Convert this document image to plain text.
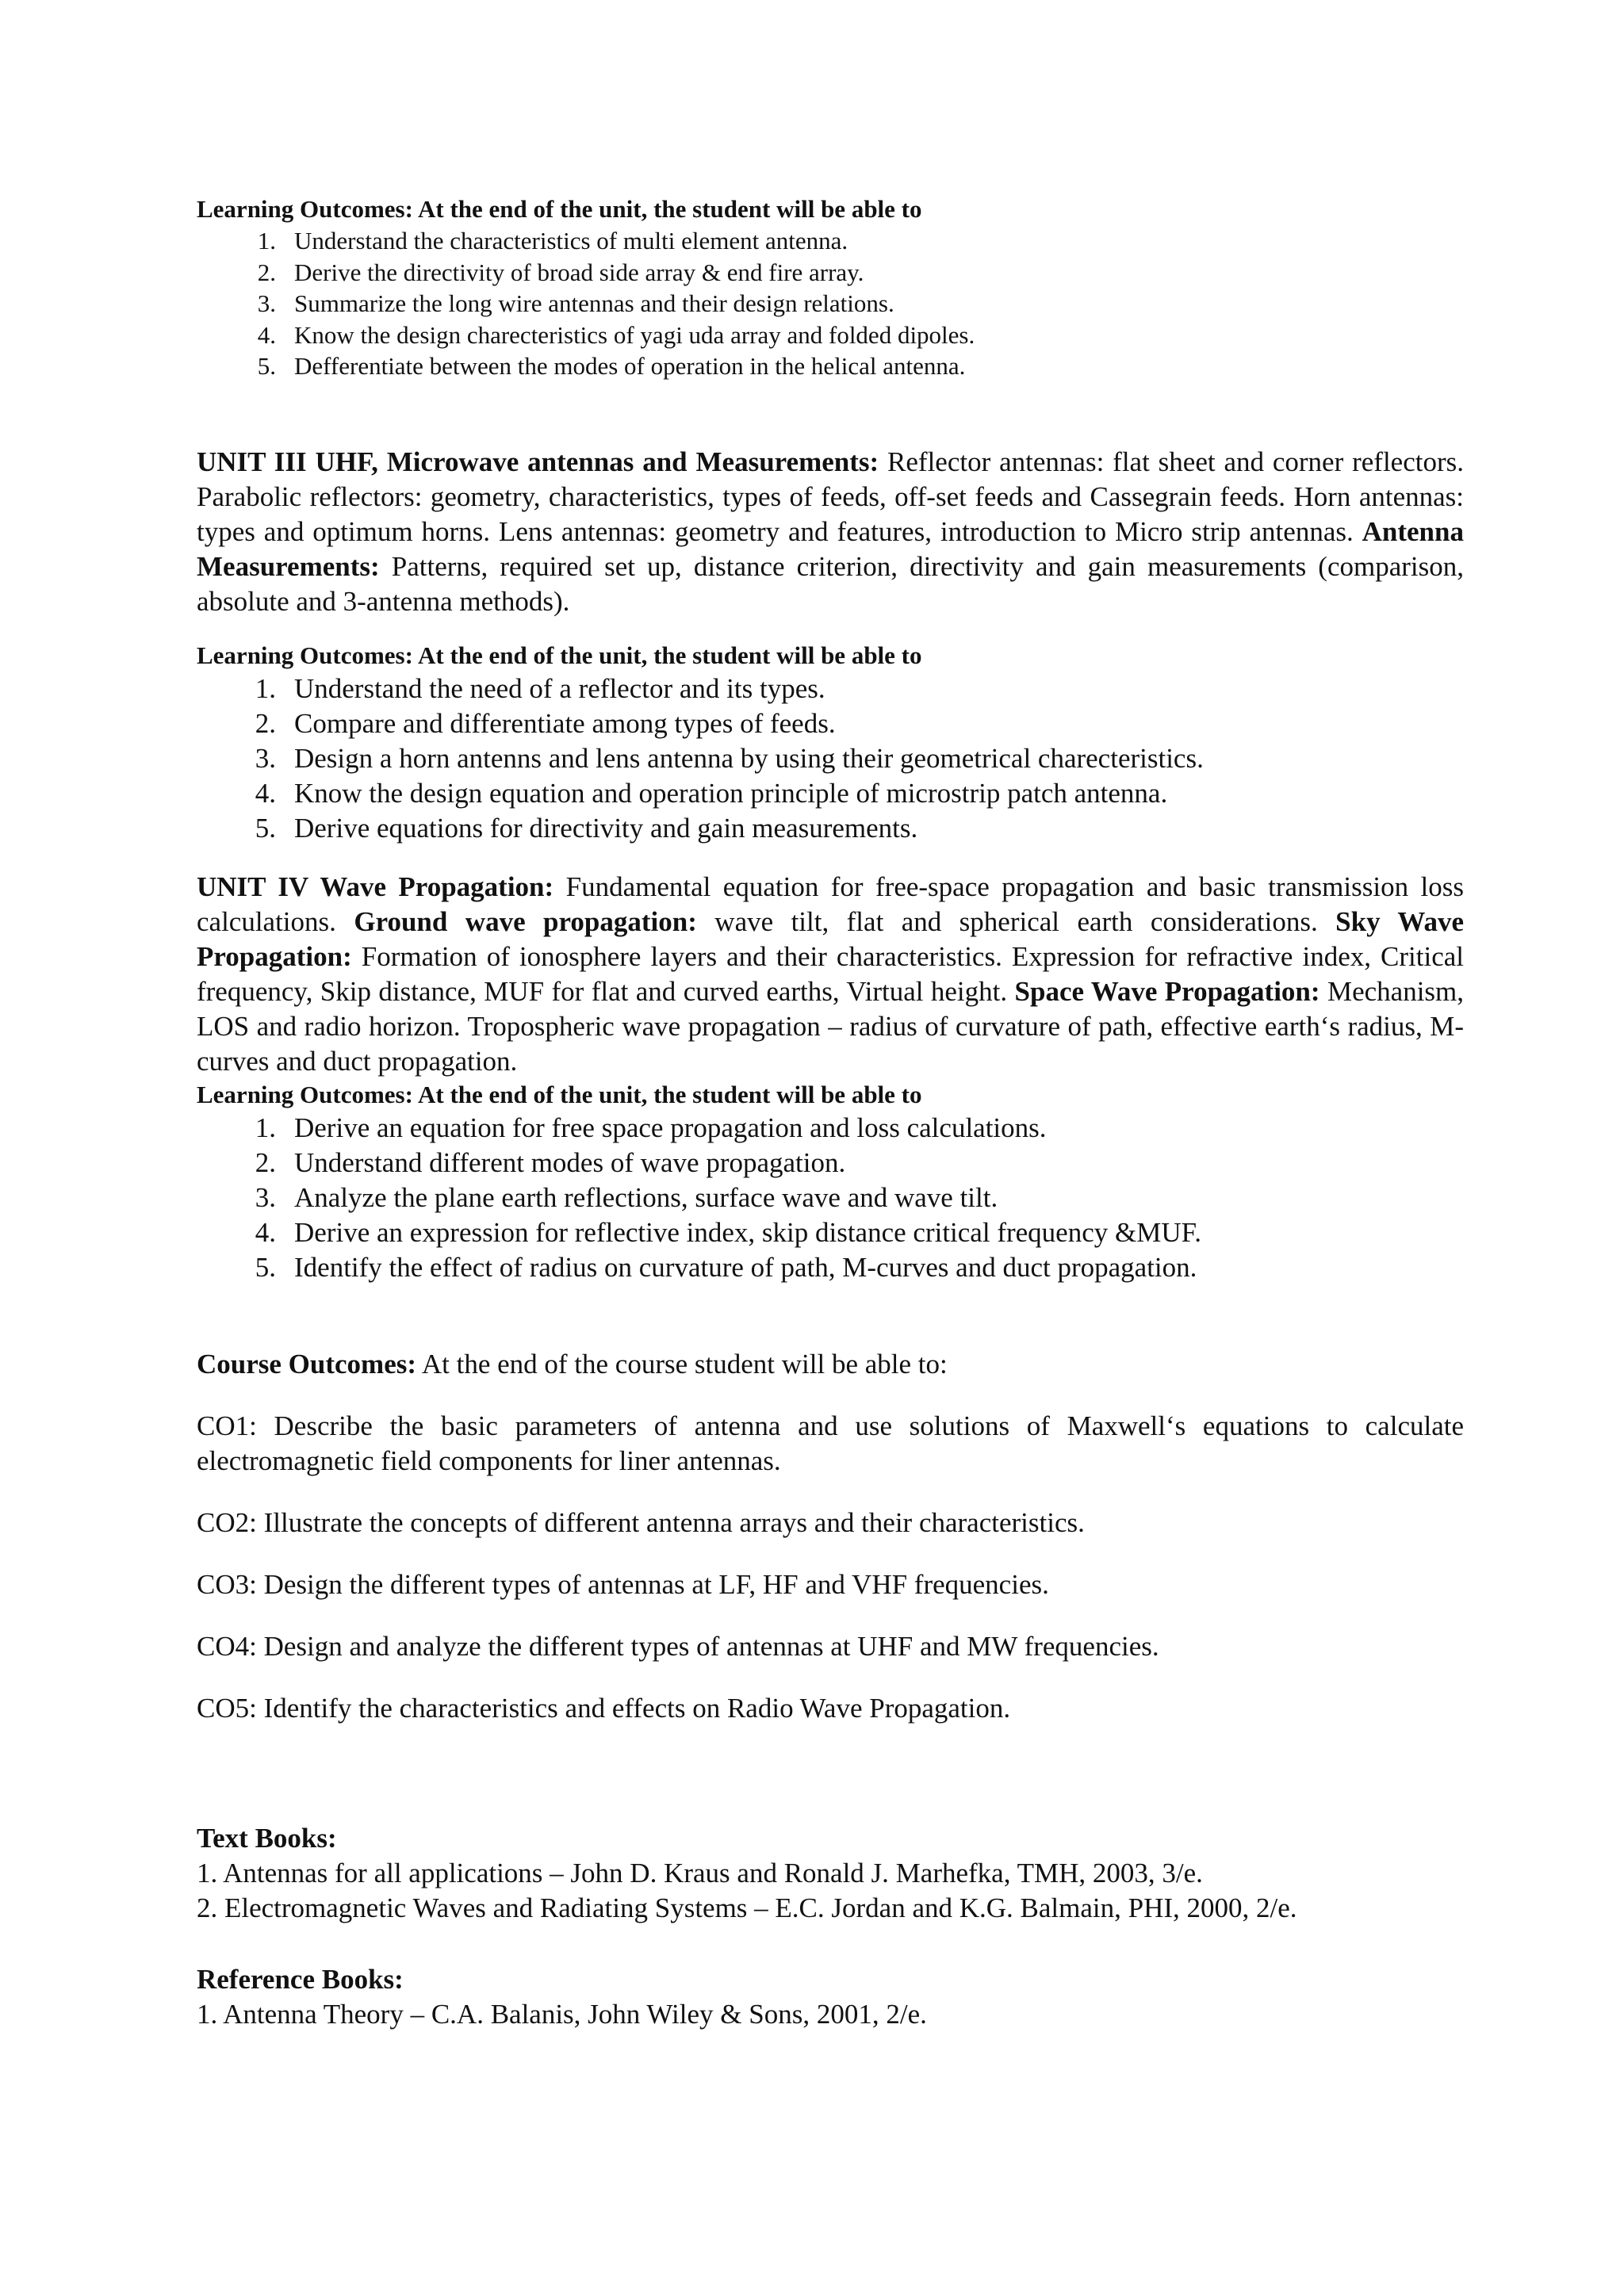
Learning Outcomes: At the end of the unit, the student will be able to

1. Understand the characteristics of multi element antenna.
2. Derive the directivity of broad side array & end fire array.
3. Summarize the long wire antennas and their design relations.
4. Know the design charecteristics of yagi uda array and folded dipoles.
5. Defferentiate between the modes of operation in the helical antenna.

UNIT III UHF, Microwave antennas and Measurements: Reflector antennas: flat sheet and corner reflectors. Parabolic reflectors: geometry, characteristics, types of feeds, off-set feeds and Cassegrain feeds. Horn antennas: types and optimum horns. Lens antennas: geometry and features, introduction to Micro strip antennas. Antenna Measurements: Patterns, required set up, distance criterion, directivity and gain measurements (comparison, absolute and 3-antenna methods).

Learning Outcomes: At the end of the unit, the student will be able to

1. Understand the need of a reflector and its types.
2. Compare and differentiate among types of feeds.
3. Design a horn antenns and lens antenna by using their geometrical charecteristics.
4. Know the design equation and operation principle of microstrip patch antenna.
5. Derive equations for directivity and gain measurements.

UNIT IV Wave Propagation: Fundamental equation for free-space propagation and basic transmission loss calculations. Ground wave propagation: wave tilt, flat and spherical earth considerations. Sky Wave Propagation: Formation of ionosphere layers and their characteristics. Expression for refractive index, Critical frequency, Skip distance, MUF for flat and curved earths, Virtual height. Space Wave Propagation: Mechanism, LOS and radio horizon. Tropospheric wave propagation – radius of curvature of path, effective earth‘s radius, M-curves and duct propagation.

Learning Outcomes: At the end of the unit, the student will be able to

1. Derive an equation for free space propagation and loss calculations.
2. Understand different modes of wave propagation.
3. Analyze the plane earth reflections, surface wave and wave tilt.
4. Derive an expression for reflective index, skip distance critical frequency &MUF.
5. Identify the effect of radius on curvature of path, M-curves and duct propagation.

Course Outcomes: At the end of the course student will be able to:

CO1: Describe the basic parameters of antenna and use solutions of Maxwell‘s equations to calculate electromagnetic field components for liner antennas.

CO2: Illustrate the concepts of different antenna arrays and their characteristics.

CO3: Design the different types of antennas at LF, HF and VHF frequencies.

CO4: Design and analyze the different types of antennas at UHF and MW frequencies.

CO5: Identify the characteristics and effects on Radio Wave Propagation.

Text Books:

1. Antennas for all applications – John D. Kraus and Ronald J. Marhefka, TMH, 2003, 3/e.

2. Electromagnetic Waves and Radiating Systems – E.C. Jordan and K.G. Balmain, PHI, 2000, 2/e.

Reference Books:

1. Antenna Theory – C.A. Balanis, John Wiley & Sons, 2001, 2/e.
